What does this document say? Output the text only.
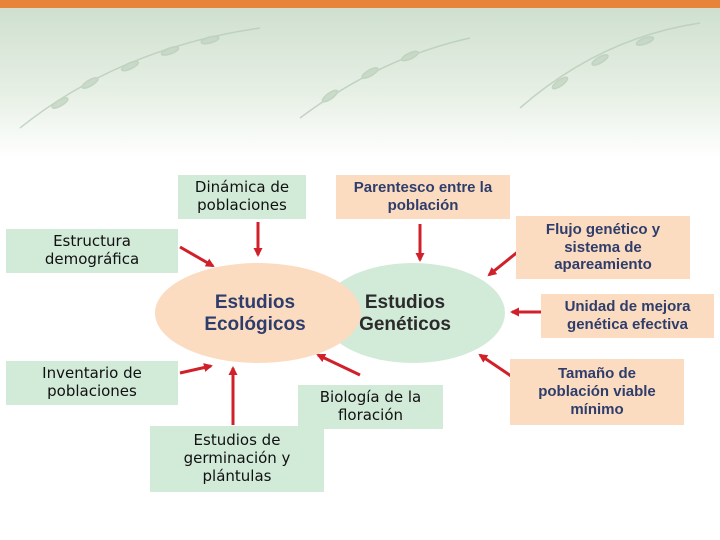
Estudios
Ecológicos
Estudios
Genéticos
Dinámica de
poblaciones
Estructura
demográfica
Inventario de
poblaciones	Biología de la
floración
Estudios de
germinación y
plántulas
Parentesco entre la
población
Flujo genético y
sistema de
apareamiento
Unidad de mejora
genética efectiva
Tamaño de
población viable
mínimo
